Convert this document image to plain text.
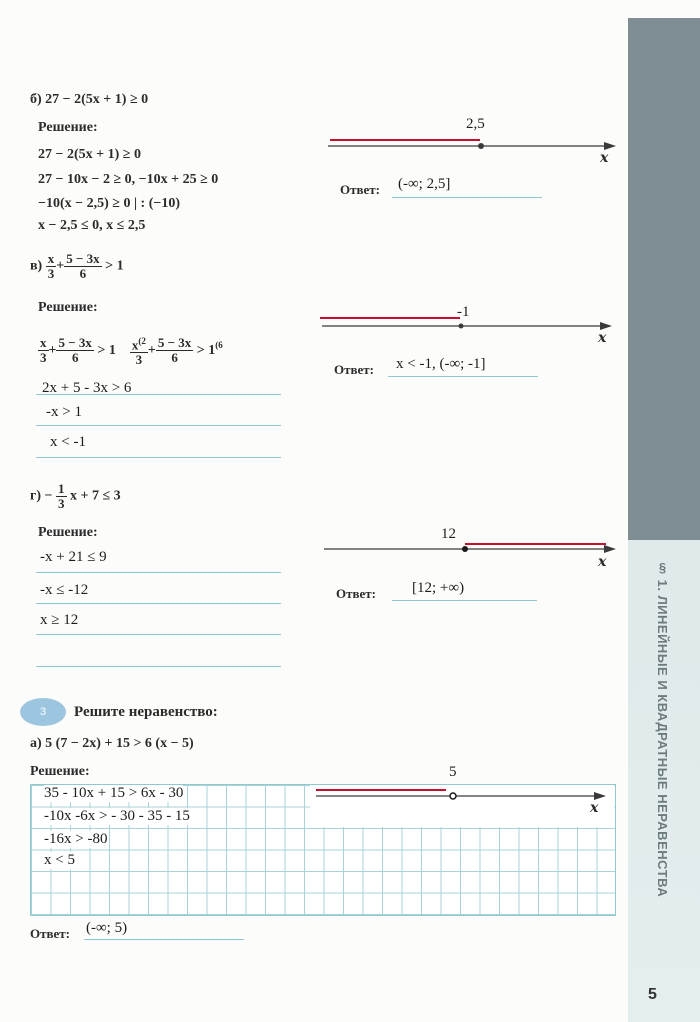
§ 1. ЛИНЕЙНЫЕ И КВАДРАТНЫЕ НЕРАВЕНСТВА
5
б) 27 − 2(5x + 1) ≥ 0
Решение:
27 − 2(5x + 1) ≥ 0
27 − 10x − 2 ≥ 0, −10x + 25 ≥ 0
−10(x − 2,5) ≥ 0 | : (−10)
x − 2,5 ≤ 0, x ≤ 2,5
2,5
x
Ответ: (-∞; 2,5]
$в) \frac{x}{3} + \frac{5 - 3x}{6} > 1$
Решение:
$\frac{x}{3} + \frac{5 - 3x}{6} > 1 \frac{x^{(2}}{3} + \frac{5 - 3x}{6} > 1^{(6}$
2x + 5 - 3x > 6
-x > 1
x < -1
-1
x
Ответ: x < -1, (-∞; -1]
$г) - \frac{1}{3}$ x + 7 ≤ 3
Решение:
-x + 21 ≤ 9
-x ≤ -12
x ≥ 12
12
x
Ответ: [12; +∞)
3	Решите неравенство:
а) 5 (7 − 2x) + 15 > 6 (x − 5)
Решение:
35 - 10x + 15 > 6x - 30
-10x -6x > - 30 - 35 - 15
-16x > -80
x < 5
5
x
Ответ: (-∞; 5)
